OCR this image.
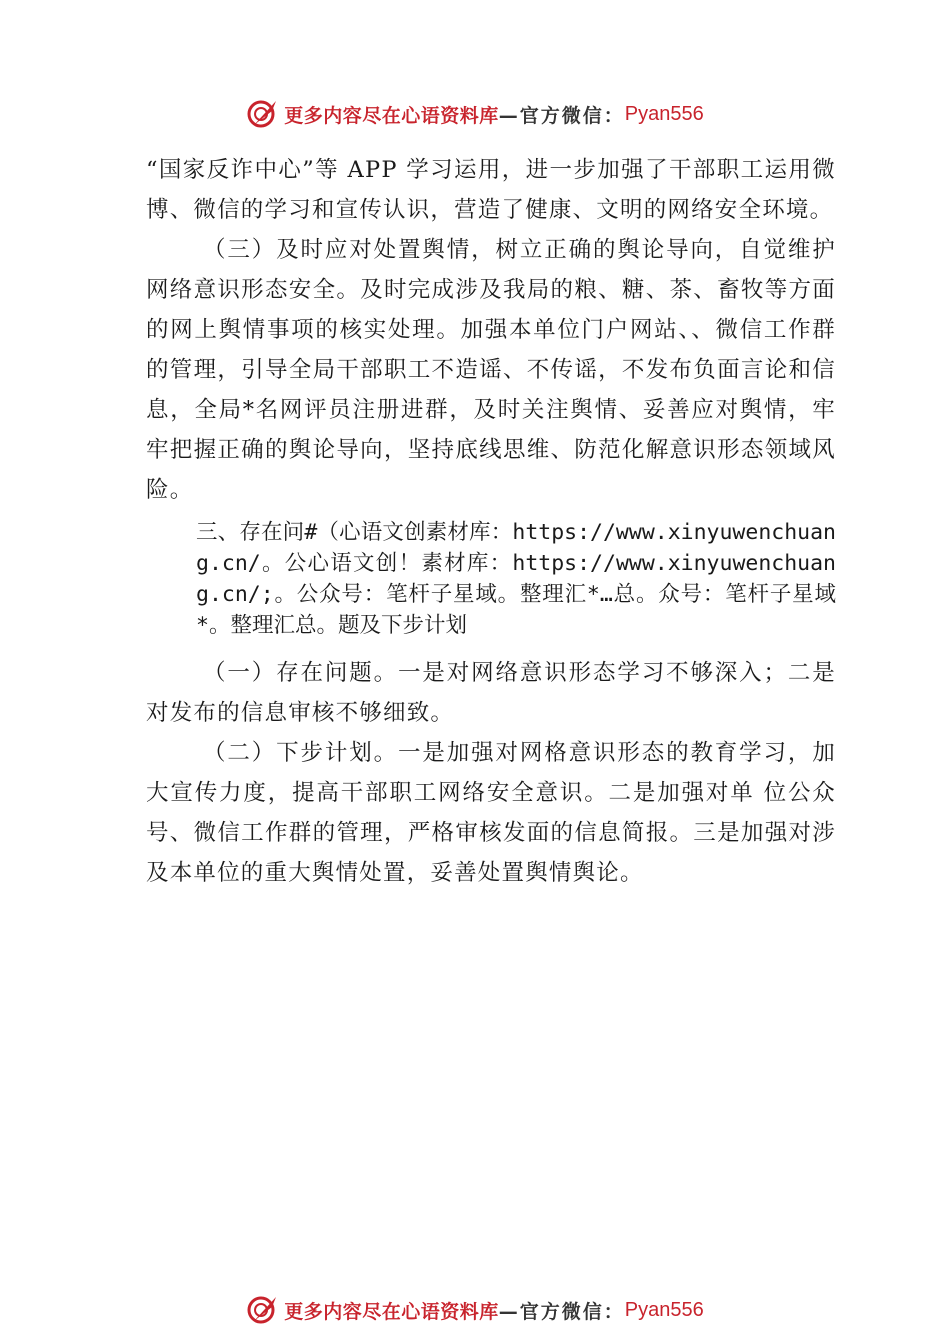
更多内容尽在心语资料库 —官方微信： Pyan556

“国家反诈中心”等 APP 学习运用，进一步加强了干部职工运用微博、微信的学习和宣传认识，营造了健康、文明的网络安全环境。

（三）及时应对处置舆情，树立正确的舆论导向，自觉维护网络意识形态安全。及时完成涉及我局的粮、糖、茶、畜牧等方面的网上舆情事项的核实处理。加强本单位门户网站、、微信工作群的管理，引导全局干部职工不造谣、不传谣，不发布负面言论和信息，全局*名网评员注册进群，及时关注舆情、妥善应对舆情，牢牢把握正确的舆论导向，坚持底线思维、防范化解意识形态领域风险。

三、存在问#（心语文创素材库：https://www.xinyuwenchuang.cn/。公心语文创！素材库：https://www.xinyuwenchuang.cn/;。公众号：笔杆子星域。整理汇*…总。众号：笔杆子星域*。整理汇总。题及下步计划

（一）存在问题。一是对网络意识形态学习不够深入；二是对发布的信息审核不够细致。

（二）下步计划。一是加强对网格意识形态的教育学习，加大宣传力度，提高干部职工网络安全意识。二是加强对单 位公众号、微信工作群的管理，严格审核发面的信息简报。三是加强对涉及本单位的重大舆情处置，妥善处置舆情舆论。

更多内容尽在心语资料库 —官方微信： Pyan556
